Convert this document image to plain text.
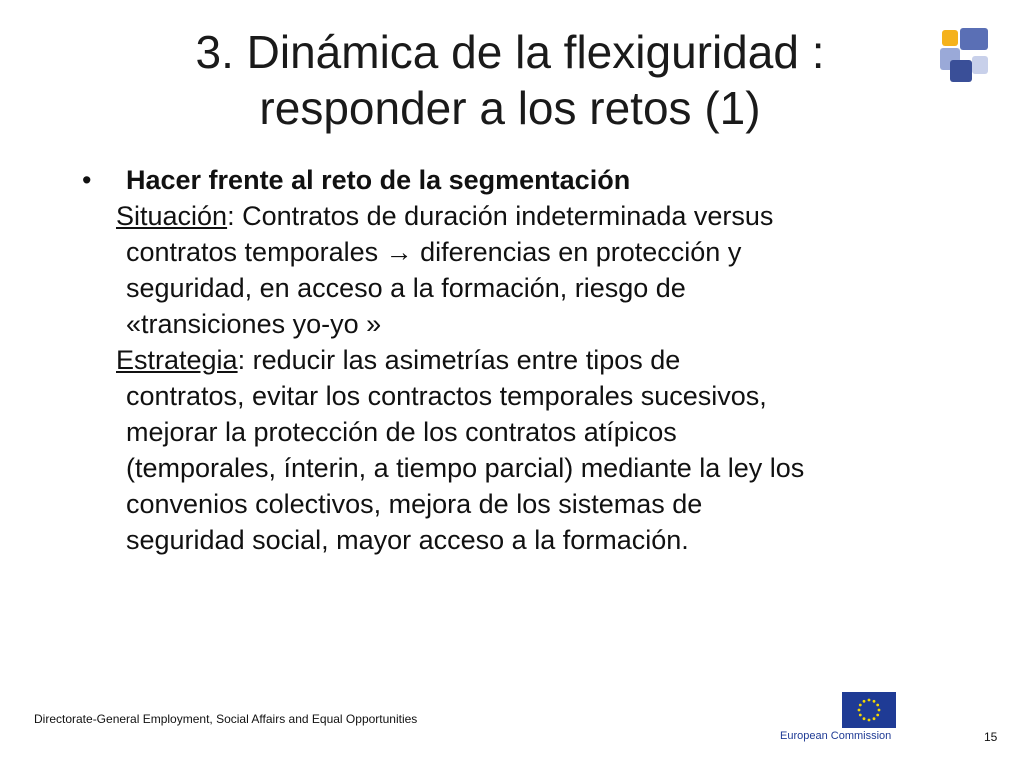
3. Dinámica de la flexiguridad :
responder a los retos (1)
• Hacer frente al reto de la segmentación
Situación: Contratos de duración indeterminada versus
contratos temporales → diferencias en protección y
seguridad, en acceso a la formación, riesgo de
«transiciones yo-yo »
Estrategia: reducir las asimetrías entre tipos de
contratos, evitar los contractos temporales sucesivos,
mejorar la protección de los contratos atípicos
(temporales, ínterin, a tiempo parcial) mediante la ley los
convenios colectivos, mejora de los sistemas de
seguridad social, mayor acceso a la formación.
Directorate-General Employment, Social Affairs and Equal Opportunities
European Commission	15
